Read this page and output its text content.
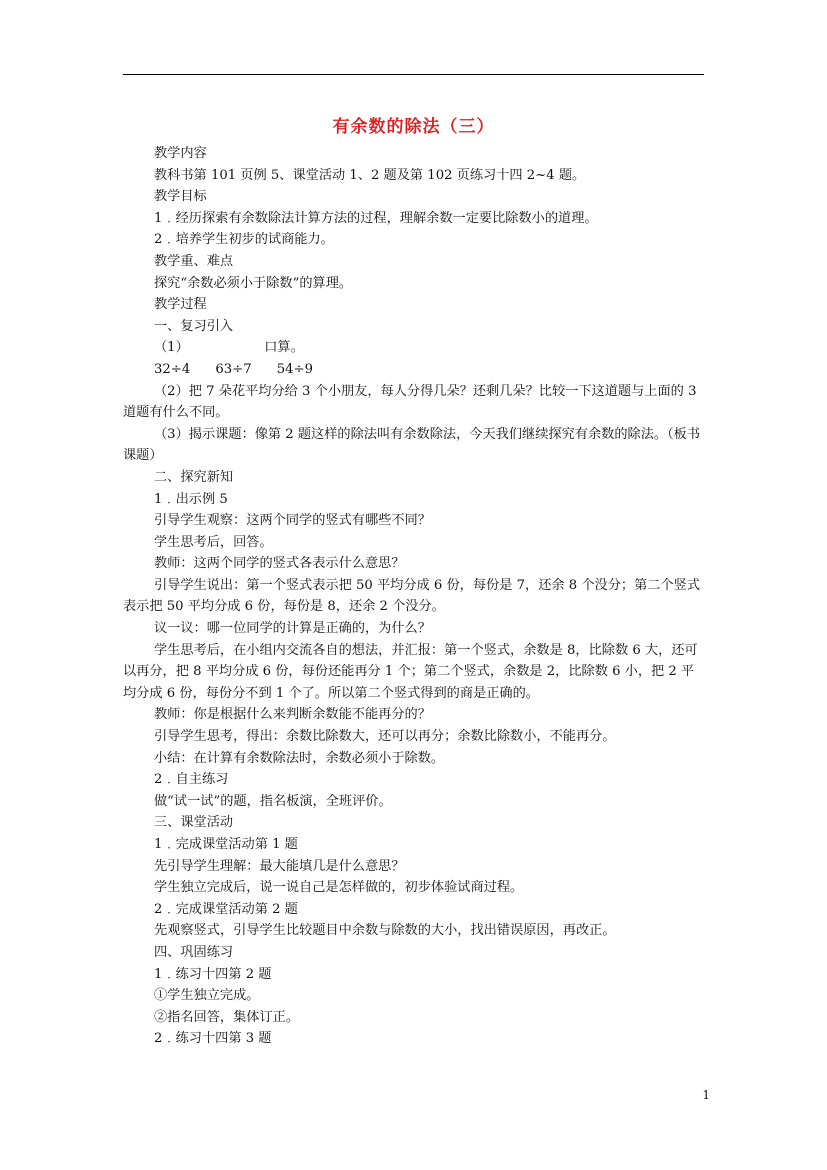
有余数的除法（三）

教学内容

教科书第 101 页例 5、课堂活动 1、2 题及第 102 页练习十四 2~4 题。

教学目标

1﹒经历探索有余数除法计算方法的过程，理解余数一定要比除数小的道理。

2﹒培养学生初步的试商能力。

教学重、难点

探究“余数必须小于除数”的算理。

教学过程

一、复习引入

（1）                  口算。

32÷4      63÷7      54÷9

（2）把 7 朵花平均分给 3 个小朋友，每人分得几朵？还剩几朵？比较一下这道题与上面的 3 道题有什么不同。

（3）揭示课题：像第 2 题这样的除法叫有余数除法，今天我们继续探究有余数的除法。（板书课题）

二、探究新知

1﹒出示例 5

引导学生观察：这两个同学的竖式有哪些不同？

学生思考后，回答。

教师：这两个同学的竖式各表示什么意思？

引导学生说出：第一个竖式表示把 50 平均分成 6 份，每份是 7，还余 8 个没分；第二个竖式表示把 50 平均分成 6 份，每份是 8，还余 2 个没分。

议一议：哪一位同学的计算是正确的，为什么？

学生思考后，在小组内交流各自的想法，并汇报：第一个竖式，余数是 8，比除数 6 大，还可以再分，把 8 平均分成 6 份，每份还能再分 1 个；第二个竖式，余数是 2，比除数 6 小，把 2 平均分成 6 份，每份分不到 1 个了。所以第二个竖式得到的商是正确的。

教师：你是根据什么来判断余数能不能再分的？

引导学生思考，得出：余数比除数大，还可以再分；余数比除数小，不能再分。

小结：在计算有余数除法时，余数必须小于除数。

2﹒自主练习

做“试一试”的题，指名板演，全班评价。

三、课堂活动

1﹒完成课堂活动第 1 题

先引导学生理解：最大能填几是什么意思？

学生独立完成后，说一说自己是怎样做的，初步体验试商过程。

2﹒完成课堂活动第 2 题

先观察竖式，引导学生比较题目中余数与除数的大小，找出错误原因，再改正。

四、巩固练习

1﹒练习十四第 2 题

①学生独立完成。

②指名回答，集体订正。

2﹒练习十四第 3 题

1
